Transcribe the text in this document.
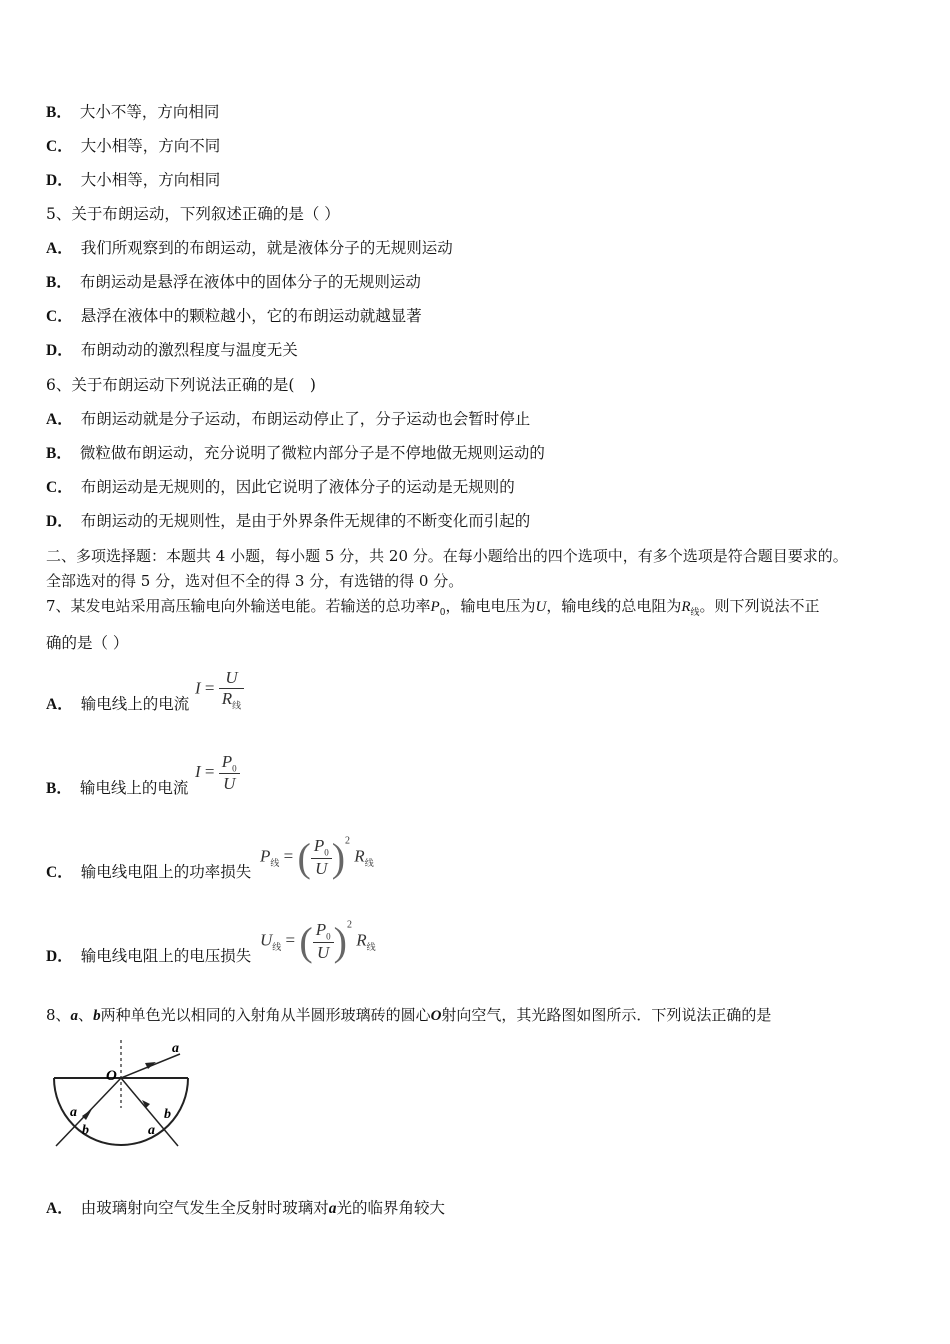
B． 大小不等，方向相同
C． 大小相等，方向不同
D． 大小相等，方向相同
5、关于布朗运动，下列叙述正确的是（ ）
A． 我们所观察到的布朗运动，就是液体分子的无规则运动
B． 布朗运动是悬浮在液体中的固体分子的无规则运动
C． 悬浮在液体中的颗粒越小，它的布朗运动就越显著
D． 布朗动动的激烈程度与温度无关
6、关于布朗运动下列说法正确的是(　)
A． 布朗运动就是分子运动，布朗运动停止了，分子运动也会暂时停止
B． 微粒做布朗运动，充分说明了微粒内部分子是不停地做无规则运动的
C． 布朗运动是无规则的，因此它说明了液体分子的运动是无规则的
D． 布朗运动的无规则性，是由于外界条件无规律的不断变化而引起的
二、多项选择题：本题共 4 小题，每小题 5 分，共 20 分。在每小题给出的四个选项中，有多个选项是符合题目要求的。
全部选对的得 5 分，选对但不全的得 3 分，有选错的得 0 分。
7、某发电站采用高压输电向外输送电能。若输送的总功率$P_0$，输电电压为U，输电线的总电阻为$R_线$。则下列说法不正
确的是（ ）
A． 输电线上的电流
$I = \frac{U}{R_线}$
B． 输电线上的电流
$I = \frac{P_0}{U}$
C． 输电线电阻上的功率损失
$P_线$ = ( $\frac{P_0}{U} )^2$ $R_线$
D． 输电线电阻上的电压损失
$U_线$ = ( $\frac{P_0}{U} )^2$ $R_线$
8、a、b两种单色光以相同的入射角从半圆形玻璃砖的圆心O射向空气，其光路图如图所示．下列说法正确的是
a
O
a
b
b
a
A． 由玻璃射向空气发生全反射时玻璃对a光的临界角较大
